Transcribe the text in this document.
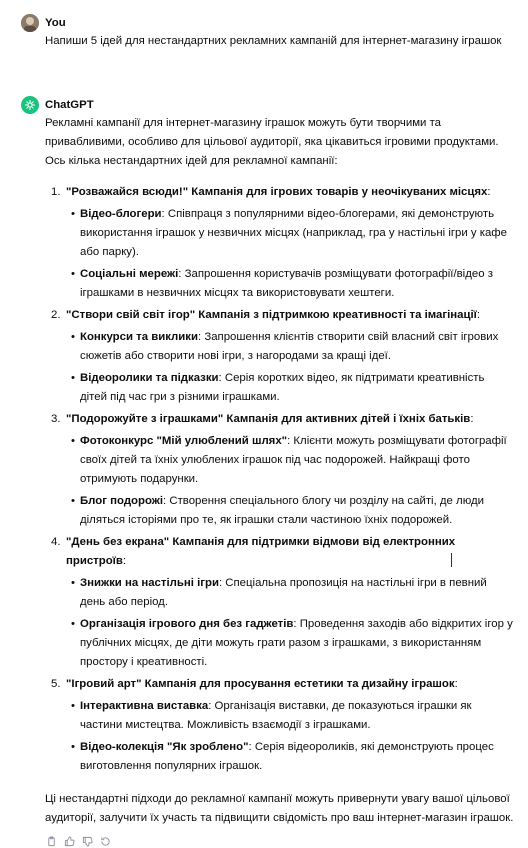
You

Напиши 5 ідей для нестандартних рекламних кампаній для інтернет-магазину іграшок

ChatGPT

Рекламні кампанії для інтернет-магазину іграшок можуть бути творчими та привабливими, особливо для цільової аудиторії, яка цікавиться ігровими продуктами. Ось кілька нестандартних ідей для рекламної кампанії:

1. "Розважайся всюди!" Кампанія для ігрових товарів у неочікуваних місцях:
• Відео-блогери: Співпраця з популярними відео-блогерами, які демонструють використання іграшок у незвичних місцях (наприклад, гра у настільні ігри у кафе або парку).
• Соціальні мережі: Запрошення користувачів розміщувати фотографії/відео з іграшками в незвичних місцях та використовувати хештеги.
2. "Створи свій світ ігор" Кампанія з підтримкою креативності та імагінації:
• Конкурси та виклики: Запрошення клієнтів створити свій власний світ ігрових сюжетів або створити нові ігри, з нагородами за кращі ідеї.
• Відеоролики та підказки: Серія коротких відео, як підтримати креативність дітей під час гри з різними іграшками.
3. "Подорожуйте з іграшками" Кампанія для активних дітей і їхніх батьків:
• Фотоконкурс "Мій улюблений шлях": Клієнти можуть розміщувати фотографії своїх дітей та їхніх улюблених іграшок під час подорожей. Найкращі фото отримують подарунки.
• Блог подорожі: Створення спеціального блогу чи розділу на сайті, де люди діляться історіями про те, як іграшки стали частиною їхніх подорожей.
4. "День без екрана" Кампанія для підтримки відмови від електронних пристроїв:
• Знижки на настільні ігри: Спеціальна пропозиція на настільні ігри в певний день або період.
• Організація ігрового дня без гаджетів: Проведення заходів або відкритих ігор у публічних місцях, де діти можуть грати разом з іграшками, з використанням простору і креативності.
5. "Ігровий арт" Кампанія для просування естетики та дизайну іграшок:
• Інтерактивна виставка: Організація виставки, де показуються іграшки як частини мистецтва. Можливість взаємодії з іграшками.
• Відео-колекція "Як зроблено": Серія відеороликів, які демонструють процес виготовлення популярних іграшок.

Ці нестандартні підходи до рекламної кампанії можуть привернути увагу вашої цільової аудиторії, залучити їх участь та підвищити свідомість про ваш інтернет-магазин іграшок.
